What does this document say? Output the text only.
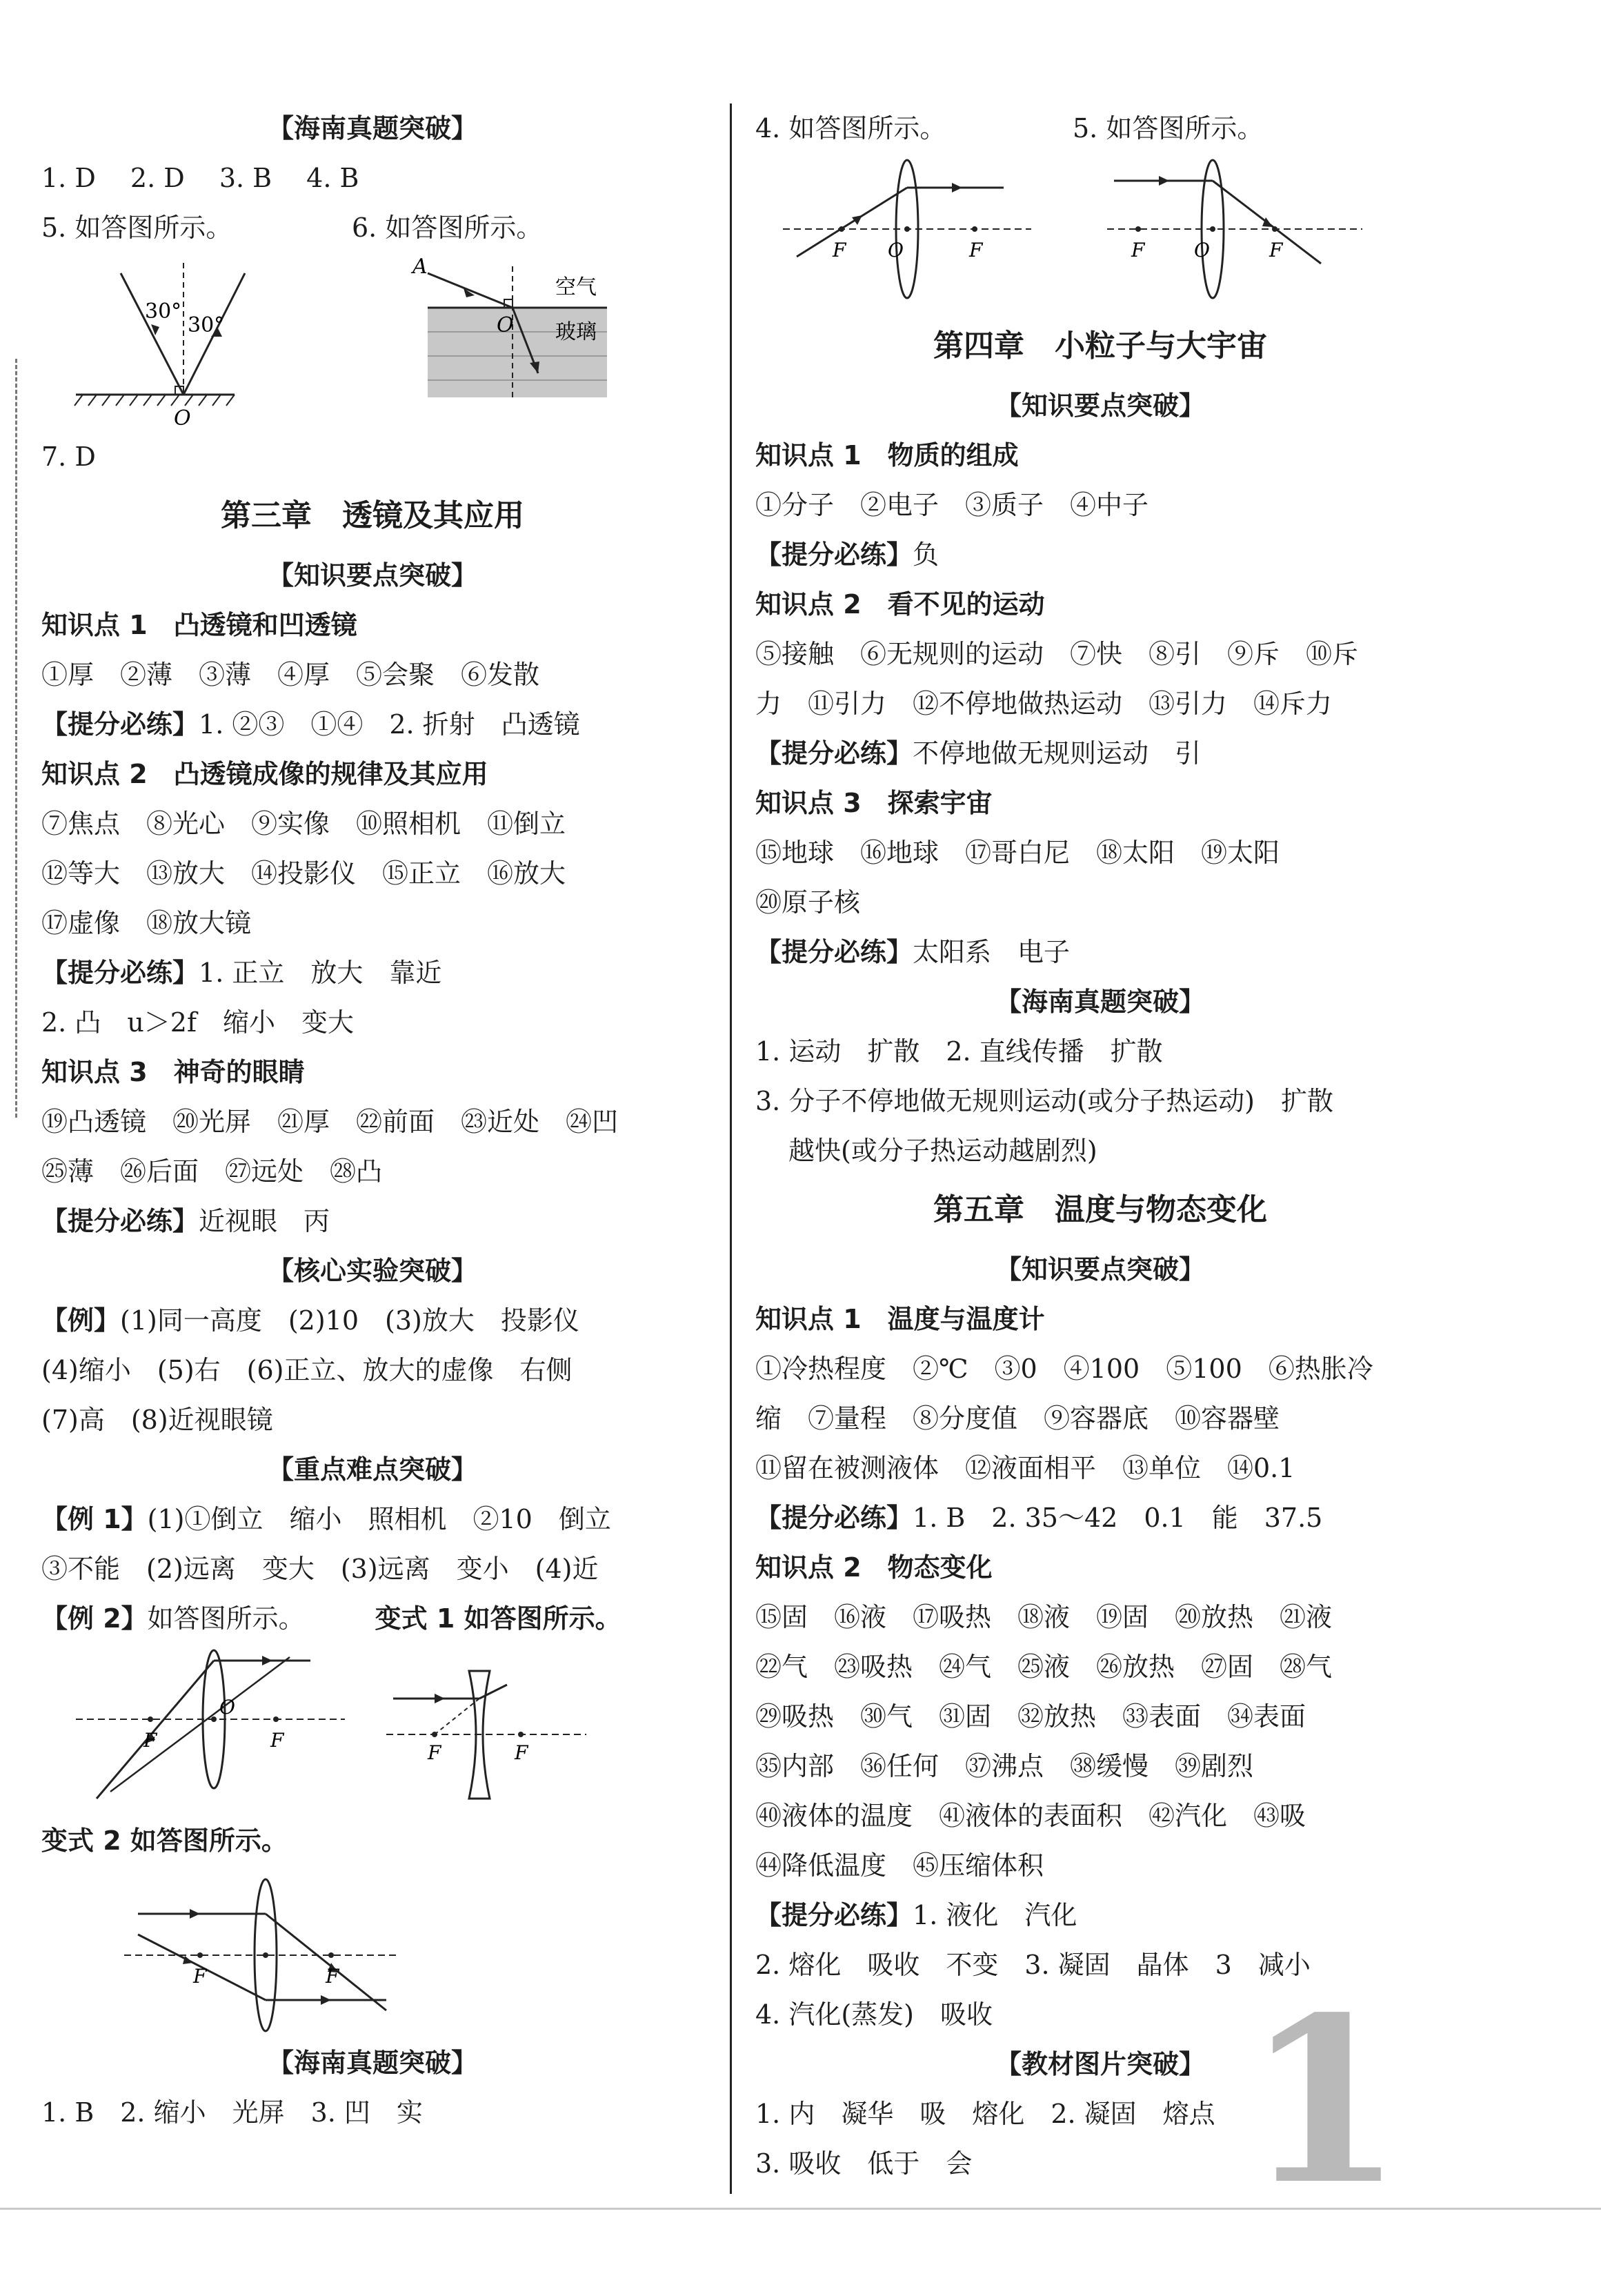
【海南真题突破】
1. D　 2. D　 3. B　 4. B
5. 如答图所示。	6. 如答图所示。
30°
30°
O
A
O
空气
玻璃
7. D
第三章　透镜及其应用
【知识要点突破】
知识点 1　凸透镜和凹透镜
①厚　②薄　③薄　④厚　⑤会聚　⑥发散
【提分必练】1. ②③　①④　2. 折射　凸透镜
知识点 2　凸透镜成像的规律及其应用
⑦焦点　⑧光心　⑨实像　⑩照相机　⑪倒立
⑫等大　⑬放大　⑭投影仪　⑮正立　⑯放大
⑰虚像　⑱放大镜
【提分必练】1. 正立　放大　靠近
2. 凸　u＞2f　缩小　变大
知识点 3　神奇的眼睛
⑲凸透镜　⑳光屏　㉑厚　㉒前面　㉓近处　㉔凹
㉕薄　㉖后面　㉗远处　㉘凸
【提分必练】近视眼　丙
【核心实验突破】
【例】(1)同一高度　(2)10　(3)放大　投影仪
(4)缩小　(5)右　(6)正立、放大的虚像　右侧
(7)高　(8)近视眼镜
【重点难点突破】
【例 1】(1)①倒立　缩小　照相机　②10　倒立
③不能　(2)远离　变大　(3)远离　变小　(4)近
【例 2】如答图所示。	变式 1 如答图所示。
F
O
F
F	F
变式 2 如答图所示。
F	F
【海南真题突破】
1. B　2. 缩小　光屏　3. 凹　实
4. 如答图所示。	5. 如答图所示。
F O	F	F	O	F
第四章　小粒子与大宇宙
【知识要点突破】
知识点 1　物质的组成
①分子　②电子　③质子　④中子
【提分必练】负
知识点 2　看不见的运动
⑤接触　⑥无规则的运动　⑦快　⑧引　⑨斥　⑩斥
力　⑪引力　⑫不停地做热运动　⑬引力　⑭斥力
【提分必练】不停地做无规则运动　引
知识点 3　探索宇宙
⑮地球　⑯地球　⑰哥白尼　⑱太阳　⑲太阳
⑳原子核
【提分必练】太阳系　电子
【海南真题突破】
1. 运动　扩散　2. 直线传播　扩散
3. 分子不停地做无规则运动(或分子热运动)　扩散
越快(或分子热运动越剧烈)
第五章　温度与物态变化
【知识要点突破】
知识点 1　温度与温度计
①冷热程度　②℃　③0　④100　⑤100　⑥热胀冷
缩　⑦量程　⑧分度值　⑨容器底　⑩容器壁
⑪留在被测液体　⑫液面相平　⑬单位　⑭0.1
【提分必练】1. B　2. 35～42　0.1　能　37.5
知识点 2　物态变化
⑮固　⑯液　⑰吸热　⑱液　⑲固　⑳放热　㉑液
㉒气　㉓吸热　㉔气　㉕液　㉖放热　㉗固　㉘气
㉙吸热　㉚气　㉛固　㉜放热　㉝表面　㉞表面
㉟内部　㊱任何　㊲沸点　㊳缓慢　㊴剧烈
㊵液体的温度　㊶液体的表面积　㊷汽化　㊸吸
㊹降低温度　㊺压缩体积
【提分必练】1. 液化　汽化
2. 熔化　吸收　不变　3. 凝固　晶体　3　减小
4. 汽化(蒸发)　吸收
【教材图片突破】
1. 内　凝华　吸　熔化　2. 凝固　熔点
3. 吸收　低于　会	1
